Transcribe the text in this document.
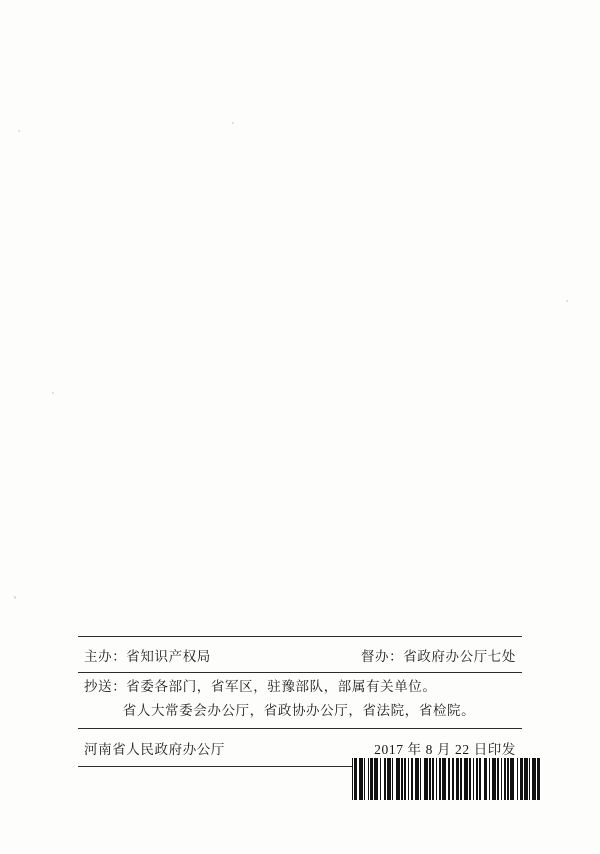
主办：省知识产权局	督办：省政府办公厅七处
抄送：省委各部门，省军区，驻豫部队，部属有关单位。
省人大常委会办公厅，省政协办公厅，省法院，省检院。
河南省人民政府办公厅	2017 年 8 月 22 日印发
